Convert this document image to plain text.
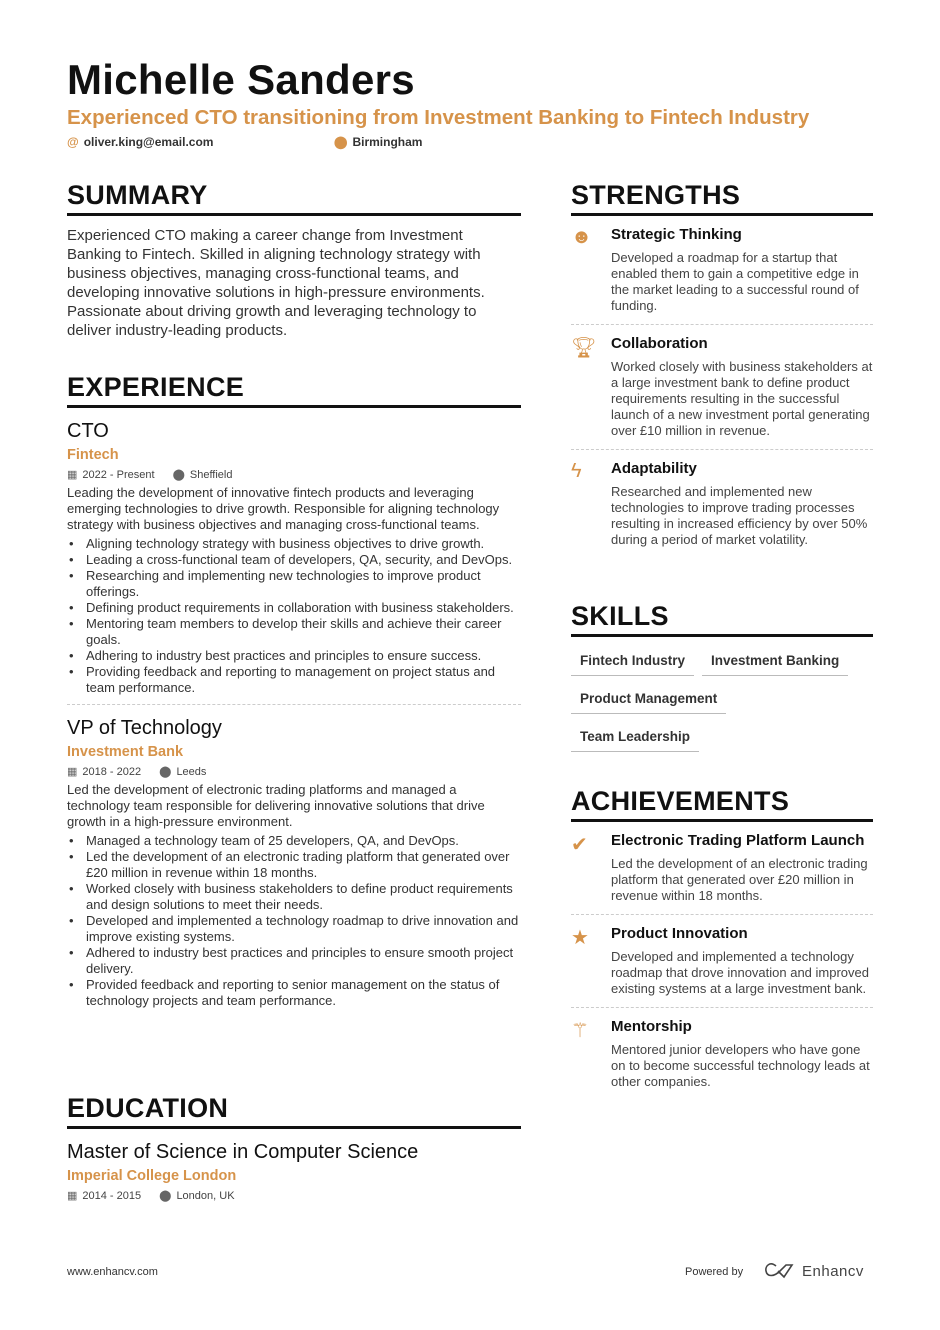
Michelle Sanders
Experienced CTO transitioning from Investment Banking to Fintech Industry
@ oliver.king@email.com	⬤ Birmingham
SUMMARY
Experienced CTO making a career change from Investment Banking to Fintech. Skilled in aligning technology strategy with business objectives, managing cross-functional teams, and developing innovative solutions in high-pressure environments. Passionate about driving growth and leveraging technology to deliver industry-leading products.
EXPERIENCE
CTO
Fintech
▦ 2022 - Present ⬤ Sheffield
Leading the development of innovative fintech products and leveraging emerging technologies to drive growth. Responsible for aligning technology strategy with business objectives and managing cross-functional teams.
• Aligning technology strategy with business objectives to drive growth.
• Leading a cross-functional team of developers, QA, security, and DevOps.
• Researching and implementing new technologies to improve product offerings.
• Defining product requirements in collaboration with business stakeholders.
• Mentoring team members to develop their skills and achieve their career goals.
• Adhering to industry best practices and principles to ensure success.
• Providing feedback and reporting to management on project status and team performance.
VP of Technology
Investment Bank
▦ 2018 - 2022 ⬤ Leeds
Led the development of electronic trading platforms and managed a technology team responsible for delivering innovative solutions that drive growth in a high-pressure environment.
• Managed a technology team of 25 developers, QA, and DevOps.
• Led the development of an electronic trading platform that generated over £20 million in revenue within 18 months.
• Worked closely with business stakeholders to define product requirements and design solutions to meet their needs.
• Developed and implemented a technology roadmap to drive innovation and improve existing systems.
• Adhered to industry best practices and principles to ensure smooth project delivery.
• Provided feedback and reporting to senior management on the status of technology projects and team performance.
EDUCATION
Master of Science in Computer Science
Imperial College London
▦ 2014 - 2015 ⬤ London, UK
STRENGTHS
☻	Strategic Thinking
Developed a roadmap for a startup that enabled them to gain a competitive edge in the market leading to a successful round of funding.
🏆︎ Collaboration
Worked closely with business stakeholders at a large investment bank to define product requirements resulting in the successful launch of a new investment portal generating over £10 million in revenue.
ϟ	Adaptability
Researched and implemented new technologies to improve trading processes resulting in increased efficiency by over 50% during a period of market volatility.
SKILLS
Fintech Industry Investment Banking
Product Management
Team Leadership
ACHIEVEMENTS
✔	Electronic Trading Platform Launch
Led the development of an electronic trading platform that generated over £20 million in revenue within 18 months.
★	Product Innovation
Developed and implemented a technology roadmap that drove innovation and improved existing systems at a large investment bank.
⚚	Mentorship
Mentored junior developers who have gone on to become successful technology leads at other companies.
www.enhancv.com	Powered by	Enhancv
